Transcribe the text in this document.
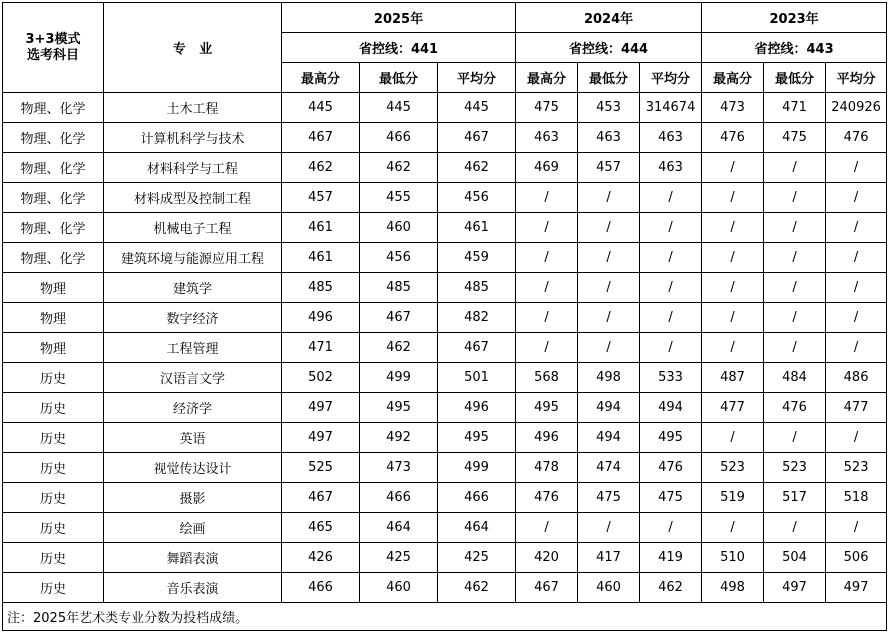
3+3模式
选考科目	专   业	2025年			2024年			2023年		
		省控线：441			省控线：444			省控线：443		
		最高分	最低分	平均分	最高分	最低分	平均分	最高分	最低分	平均分
物理、化学	土木工程	445	445	445	475	453	314674	473	471	240926
物理、化学	计算机科学与技术	467	466	467	463	463	463	476	475	476
物理、化学	材料科学与工程	462	462	462	469	457	463	/	/	/
物理、化学	材料成型及控制工程	457	455	456	/	/	/	/	/	/
物理、化学	机械电子工程	461	460	461	/	/	/	/	/	/
物理、化学	建筑环境与能源应用工程	461	456	459	/	/	/	/	/	/
物理	建筑学	485	485	485	/	/	/	/	/	/
物理	数字经济	496	467	482	/	/	/	/	/	/
物理	工程管理	471	462	467	/	/	/	/	/	/
历史	汉语言文学	502	499	501	568	498	533	487	484	486
历史	经济学	497	495	496	495	494	494	477	476	477
历史	英语	497	492	495	496	494	495	/	/	/
历史	视觉传达设计	525	473	499	478	474	476	523	523	523
历史	摄影	467	466	466	476	475	475	519	517	518
历史	绘画	465	464	464	/	/	/	/	/	/
历史	舞蹈表演	426	425	425	420	417	419	510	504	506
历史	音乐表演	466	460	462	467	460	462	498	497	497
注：2025年艺术类专业分数为投档成绩。										
